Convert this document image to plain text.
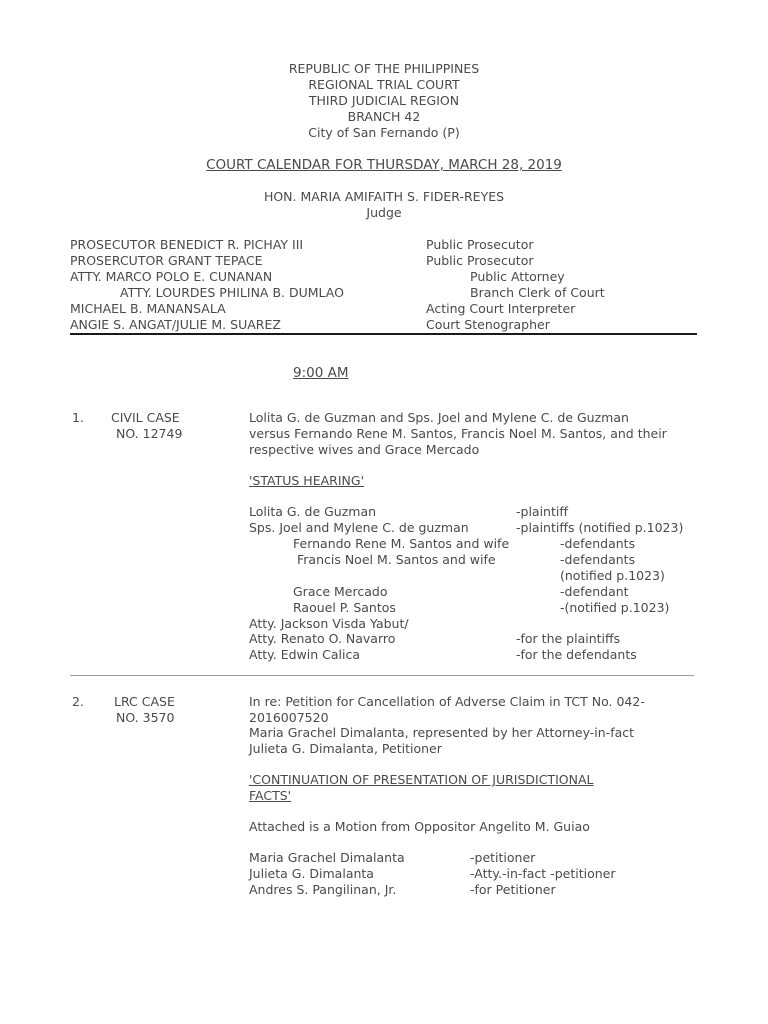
REPUBLIC OF THE PHILIPPINES
REGIONAL TRIAL COURT
THIRD JUDICIAL REGION
BRANCH 42
City of San Fernando (P)
COURT CALENDAR FOR THURSDAY, MARCH 28, 2019
HON. MARIA AMIFAITH S. FIDER-REYES
Judge
PROSECUTOR BENEDICT R. PICHAY III	Public Prosecutor
PROSERCUTOR GRANT TEPACE	Public Prosecutor
ATTY. MARCO POLO E. CUNANAN	Public Attorney
ATTY. LOURDES PHILINA B. DUMLAO	Branch Clerk of Court
MICHAEL B. MANANSALA	Acting Court Interpreter
ANGIE S. ANGAT/JULIE M. SUAREZ	Court Stenographer
9:00 AM
1. CIVIL CASE
NO. 12749
Lolita G. de Guzman and Sps. Joel and Mylene C. de Guzman
versus Fernando Rene M. Santos, Francis Noel M. Santos, and their
respective wives and Grace Mercado
'STATUS HEARING'
Lolita G. de Guzman	-plaintiff
Sps. Joel and Mylene C. de guzman	-plaintiffs (notified p.1023)
Fernando Rene M. Santos and wife	-defendants
Francis Noel M. Santos and wife	-defendants
(notified p.1023)
Grace Mercado	-defendant
Raouel P. Santos	-(notified p.1023)
Atty. Jackson Visda Yabut/
Atty. Renato O. Navarro	-for the plaintiffs
Atty. Edwin Calica	-for the defendants
2. LRC CASE
NO. 3570
In re: Petition for Cancellation of Adverse Claim in TCT No. 042-
2016007520
Maria Grachel Dimalanta, represented by her Attorney-in-fact
Julieta G. Dimalanta, Petitioner
'CONTINUATION OF PRESENTATION OF JURISDICTIONAL
FACTS'
Attached is a Motion from Oppositor Angelito M. Guiao
Maria Grachel Dimalanta	-petitioner
Julieta G. Dimalanta	-Atty.-in-fact -petitioner
Andres S. Pangilinan, Jr.	-for Petitioner
